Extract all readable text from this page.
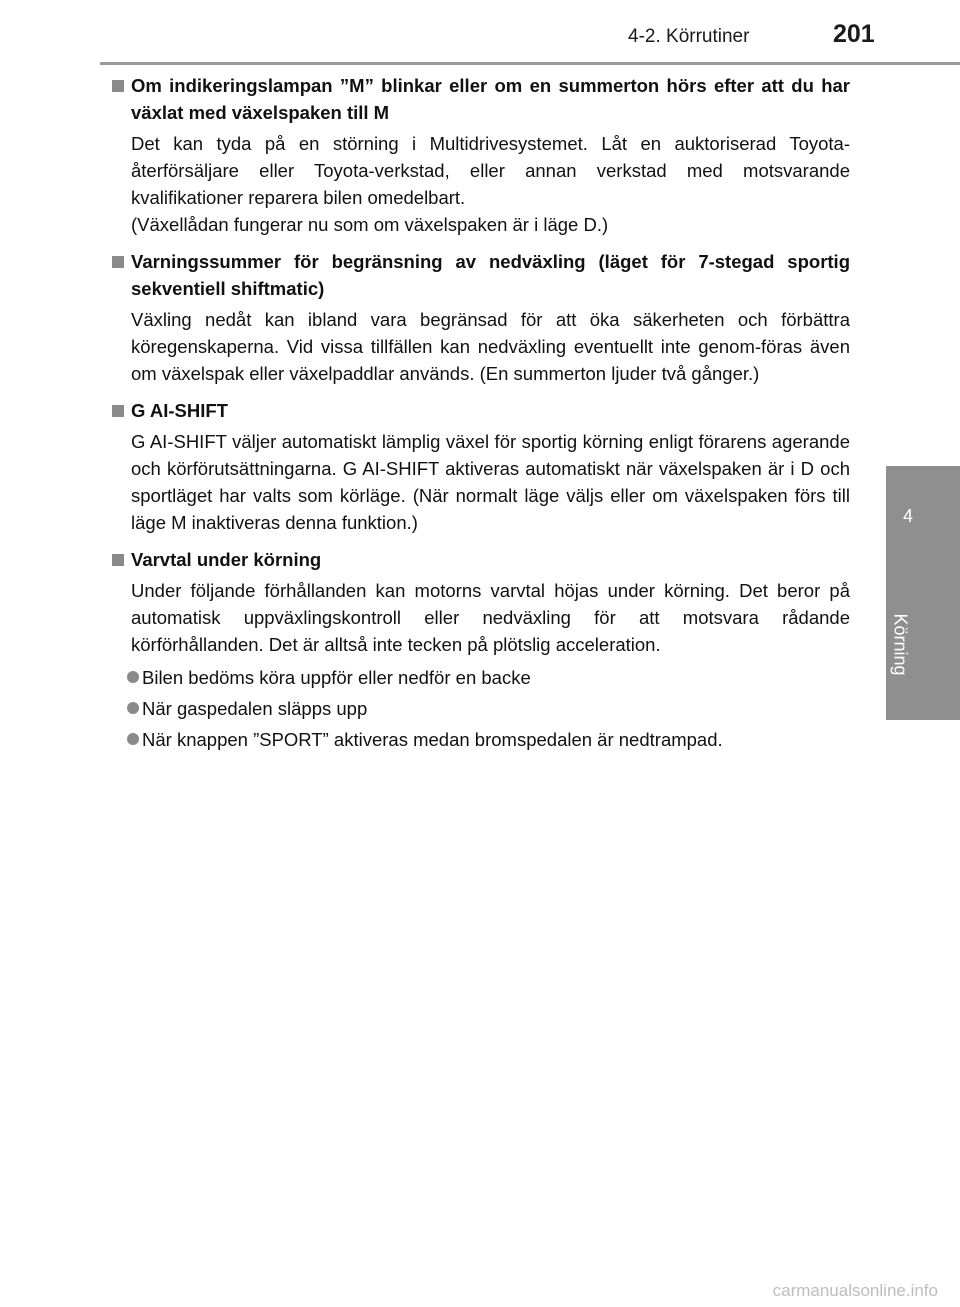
4-2. Körrutiner	201
4
Körning
Om indikeringslampan ”M” blinkar eller om en summerton hörs efter att du har växlat med växelspaken till M
Det kan tyda på en störning i Multidrivesystemet. Låt en auktoriserad Toyota-återförsäljare eller Toyota-verkstad, eller annan verkstad med motsvarande kvalifikationer reparera bilen omedelbart.
(Växellådan fungerar nu som om växelspaken är i läge D.)
Varningssummer för begränsning av nedväxling (läget för 7-stegad sportig sekventiell shiftmatic)
Växling nedåt kan ibland vara begränsad för att öka säkerheten och förbättra köregenskaperna. Vid vissa tillfällen kan nedväxling eventuellt inte genom-föras även om växelspak eller växelpaddlar används. (En summerton ljuder två gånger.)
G AI-SHIFT
G AI-SHIFT väljer automatiskt lämplig växel för sportig körning enligt förarens agerande och körförutsättningarna. G AI-SHIFT aktiveras automatiskt när växelspaken är i D och sportläget har valts som körläge. (När normalt läge väljs eller om växelspaken förs till läge M inaktiveras denna funktion.)
Varvtal under körning
Under följande förhållanden kan motorns varvtal höjas under körning. Det beror på automatisk uppväxlingskontroll eller nedväxling för att motsvara rådande körförhållanden. Det är alltså inte tecken på plötslig acceleration.
Bilen bedöms köra uppför eller nedför en backe
När gaspedalen släpps upp
När knappen ”SPORT” aktiveras medan bromspedalen är nedtrampad.
carmanualsonline.info
